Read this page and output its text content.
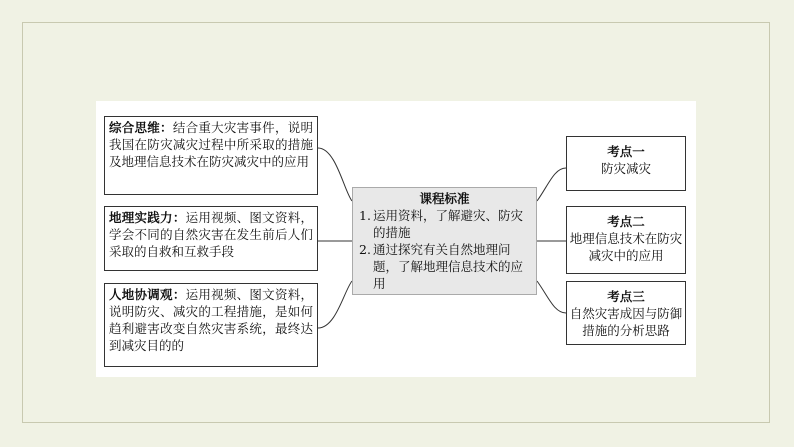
综合思维：结合重大灾害事件，说明我国在防灾减灾过程中所采取的措施及地理信息技术在防灾减灾中的应用
地理实践力：运用视频、图文资料，学会不同的自然灾害在发生前后人们采取的自救和互救手段
人地协调观：运用视频、图文资料，说明防灾、减灾的工程措施，是如何趋利避害改变自然灾害系统，最终达到减灾目的的
课程标准
1. 运用资料，了解避灾、防灾的措施
2. 通过探究有关自然地理问题，了解地理信息技术的应用
考点一
防灾减灾
考点二
地理信息技术在防灾减灾中的应用
考点三
自然灾害成因与防御措施的分析思路
